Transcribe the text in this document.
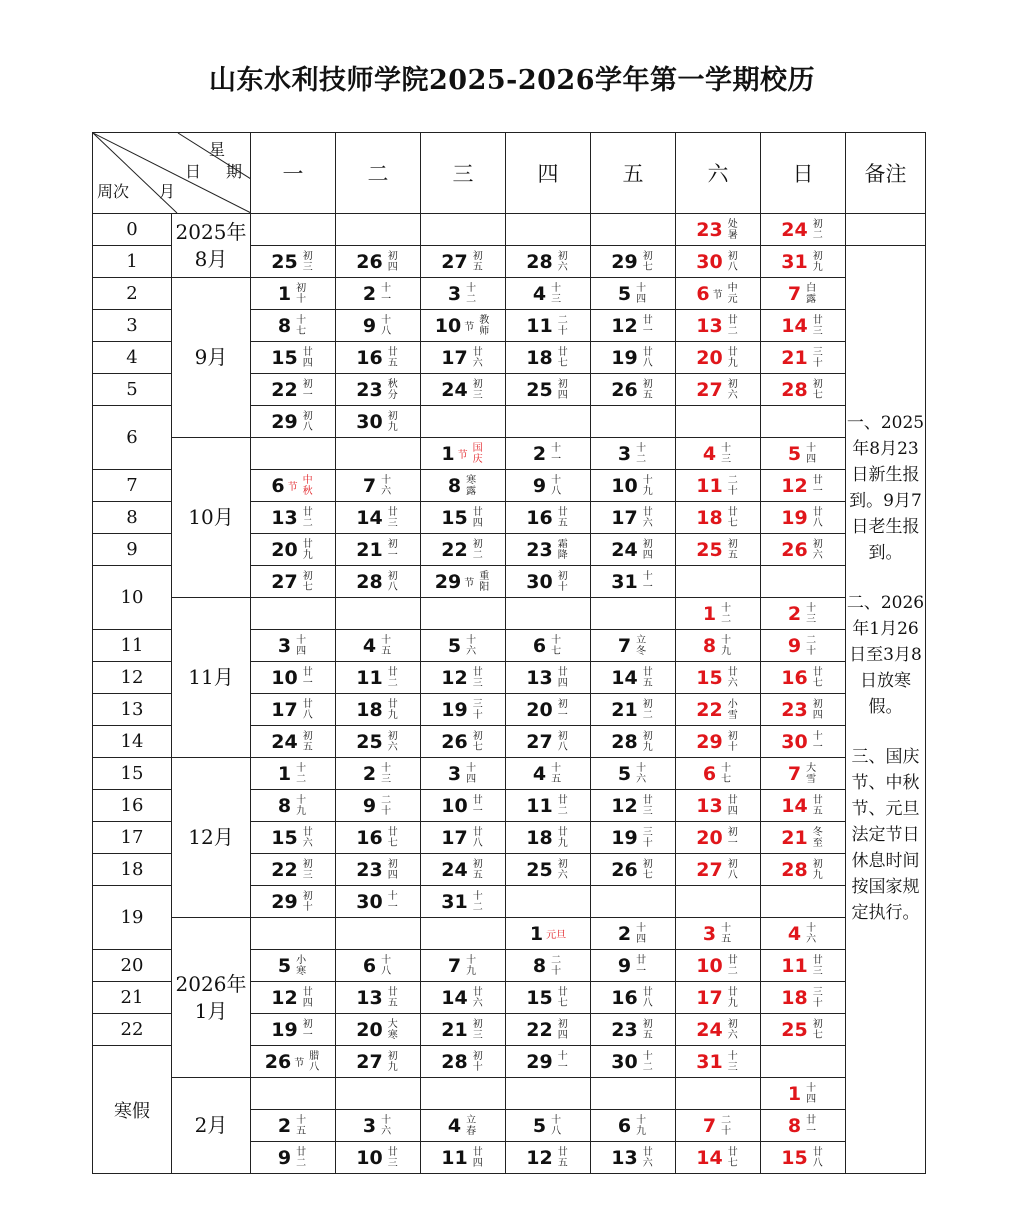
山东水利技师学院2025-2026学年第一学期校历
星
期
日
月
周次		一	二	三	四	五	六	日	备注
0	2025年8月						23 处暑	24 初二	
1		25 初三	26 初四	27 初五	28 初六	29 初七	30 初八	31 初九	一、2025年8月23日新生报到。9月7日老生报到。
二、2026年1月26日至3月8日放寒假。
三、国庆节、中秋节、元旦法定节日休息时间按国家规定执行。

2	9月	1 初十	2 十一	3 十二	4 十三	5 十四	6 节中元	7 白露	
3		8 十七	9 十八	10 节教师	11 二十	12 廿一	13 廿二	14 廿三	
4		15 廿四	16 廿五	17 廿六	18 廿七	19 廿八	20 廿九	21 三十	
5		22 初一	23 秋分	24 初三	25 初四	26 初五	27 初六	28 初七	
6		29 初八	30 初九						
	10月			1 节国庆	2 十一	3 十二	4 十三	5 十四	
7		6 节中秋	7 十六	8 寒露	9 十八	10 十九	11 二十	12 廿一	
8		13 廿二	14 廿三	15 廿四	16 廿五	17 廿六	18 廿七	19 廿八	
9		20 廿九	21 初一	22 初二	23 霜降	24 初四	25 初五	26 初六	
10		27 初七	28 初八	29 节重阳	30 初十	31 十一			
	11月						1 十二	2 十三	
11		3 十四	4 十五	5 十六	6 十七	7 立冬	8 十九	9 二十	
12		10 廿一	11 廿二	12 廿三	13 廿四	14 廿五	15 廿六	16 廿七	
13		17 廿八	18 廿九	19 三十	20 初一	21 初二	22 小雪	23 初四	
14		24 初五	25 初六	26 初七	27 初八	28 初九	29 初十	30 十一	
15	12月	1 十二	2 十三	3 十四	4 十五	5 十六	6 十七	7 大雪	
16		8 十九	9 二十	10 廿一	11 廿二	12 廿三	13 廿四	14 廿五	
17		15 廿六	16 廿七	17 廿八	18 廿九	19 三十	20 初一	21 冬至	
18		22 初三	23 初四	24 初五	25 初六	26 初七	27 初八	28 初九	
19		29 初十	30 十一	31 十二					
	2026年1月				1 元旦	2 十四	3 十五	4 十六	
20		5 小寒	6 十八	7 十九	8 二十	9 廿一	10 廿二	11 廿三	
21		12 廿四	13 廿五	14 廿六	15 廿七	16 廿八	17 廿九	18 三十	
22		19 初一	20 大寒	21 初三	22 初四	23 初五	24 初六	25 初七	
寒假		26 节腊八	27 初九	28 初十	29 十一	30 十二	31 十三		
	2月							1 十四	
		2 十五	3 十六	4 立春	5 十八	6 十九	7 二十	8 廿一	
		9 廿二	10 廿三	11 廿四	12 廿五	13 廿六	14 廿七	15 廿八	
